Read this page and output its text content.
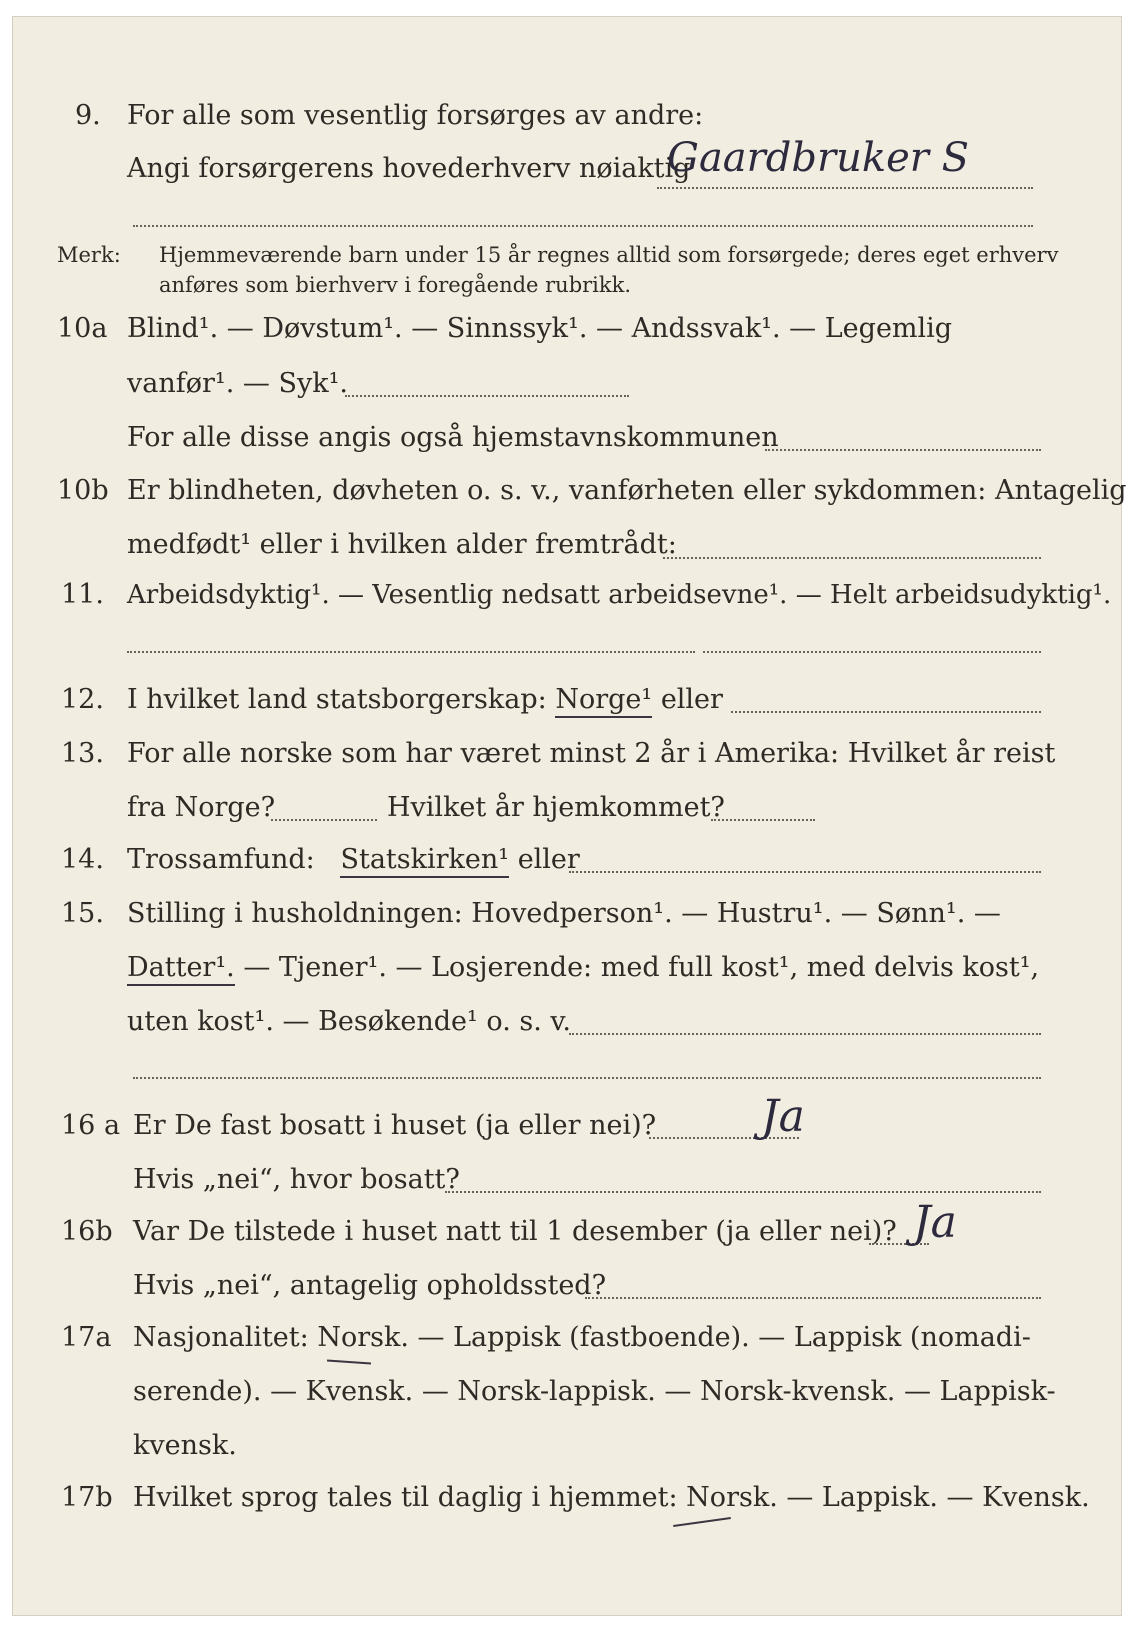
9. For alle som vesentlig forsørges av andre:
Angi forsørgerens hovederhverv nøiaktig
Gaardbruker S
Merk: Hjemmeværende barn under 15 år regnes alltid som forsørgede; deres eget erhverv
anføres som bierhverv i foregående rubrikk.
10a Blind¹. — Døvstum¹. — Sinnssyk¹. — Andssvak¹. — Legemlig
vanfør¹. — Syk¹.
For alle disse angis også hjemstavnskommunen
10b Er blindheten, døvheten o. s. v., vanførheten eller sykdommen: Antagelig
medfødt¹ eller i hvilken alder fremtrådt:
11. Arbeidsdyktig¹. — Vesentlig nedsatt arbeidsevne¹. — Helt arbeidsudyktig¹.
12. I hvilket land statsborgerskap: Norge¹ eller
13. For alle norske som har været minst 2 år i Amerika: Hvilket år reist
fra Norge?	Hvilket år hjemkommet?
14. Trossamfund: Statskirken¹ eller
15. Stilling i husholdningen: Hovedperson¹. — Hustru¹. — Sønn¹. —
Datter¹. — Tjener¹. — Losjerende: med full kost¹, med delvis kost¹,
uten kost¹. — Besøkende¹ o. s. v.
16 a Er De fast bosatt i huset (ja eller nei)? Ja
Hvis „nei“, hvor bosatt?
16b Var De tilstede i huset natt til 1 desember (ja eller nei)? Ja
Hvis „nei“, antagelig opholdssted?
17a Nasjonalitet: Norsk. — Lappisk (fastboende). — Lappisk (nomadi-
serende). — Kvensk. — Norsk-lappisk. — Norsk-kvensk. — Lappisk-
kvensk.
17b Hvilket sprog tales til daglig i hjemmet: Norsk. — Lappisk. — Kvensk.
